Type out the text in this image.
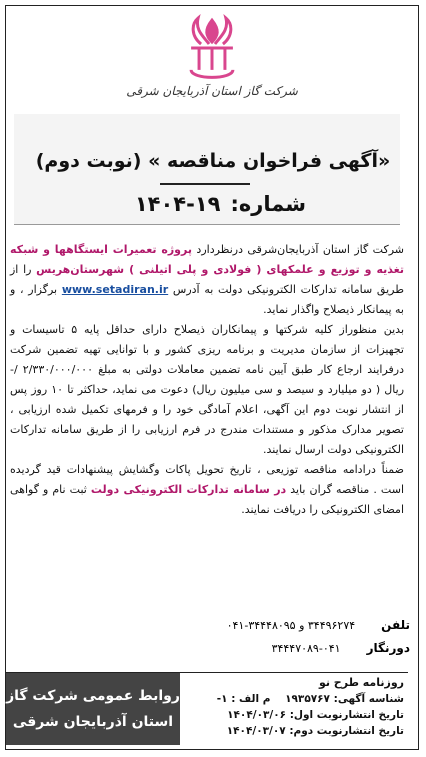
شرکت گاز استان آذربایجان شرقی
«آگهی فراخوان مناقصه » (نوبت دوم)
شماره:۱۹-۱۴۰۴

شرکت گاز استان آذربایجان‌شرقی درنظردارد پروژه تعمیرات ایستگاهها و شبکه تغذیه و توزیع و علمکهای ( فولادی و پلی اتیلنی ) شهرستان‌هریس را از طریق سامانه تدارکات الکترونیکی دولت به آدرس www.setadiran.ir برگزار ، و به پیمانکار ذیصلاح واگذار نماید.

بدین منظوراز کلیه شرکتها و پیمانکاران ذیصلاح دارای حداقل پایه ۵ تاسیسات و تجهیزات از سازمان مدیریت و برنامه ریزی کشور و با توانایی تهیه تضمین شرکت درفرایند ارجاع کار طبق آیین نامه تضمین معاملات دولتی به مبلغ ۲/۳۳۰/۰۰۰/۰۰۰ /- ریال ( دو میلیارد و سیصد و سی میلیون ریال) دعوت می نماید، حداکثر تا ۱۰ روز پس از انتشار نوبت دوم این آگهی، اعلام آمادگی خود را و فرمهای تکمیل شده ارزیابی ، تصویر مدارک مذکور و مستندات مندرج در فرم ارزیابی را از طریق سامانه تدارکات الکترونیکی دولت ارسال نمایند.

ضمناً درادامه مناقصه توزیعی ، تاریخ تحویل پاکات وگشایش پیشنهادات قید گردیده است . مناقصه گران باید در سامانه تدارکات الکترونیکی دولت ثبت نام و گواهی امضای الکترونیکی را دریافت نمایند.

تلفن۳۴۴۹۶۲۷۴ و ۳۴۴۴۸۰۹۵-۰۴۱
دورنگار۰۴۱-۳۴۴۴۷۰۸۹
روابط عمومی شرکت گاز
استان آذربایجان شرقی
روزنامه طرح نو
شناسه آگهی: ۱۹۳۵۷۶۷    م الف : ۱-
تاریخ انتشارنوبت اول: ۱۴۰۴/۰۳/۰۶
تاریخ انتشارنوبت دوم: ۱۴۰۴/۰۳/۰۷
